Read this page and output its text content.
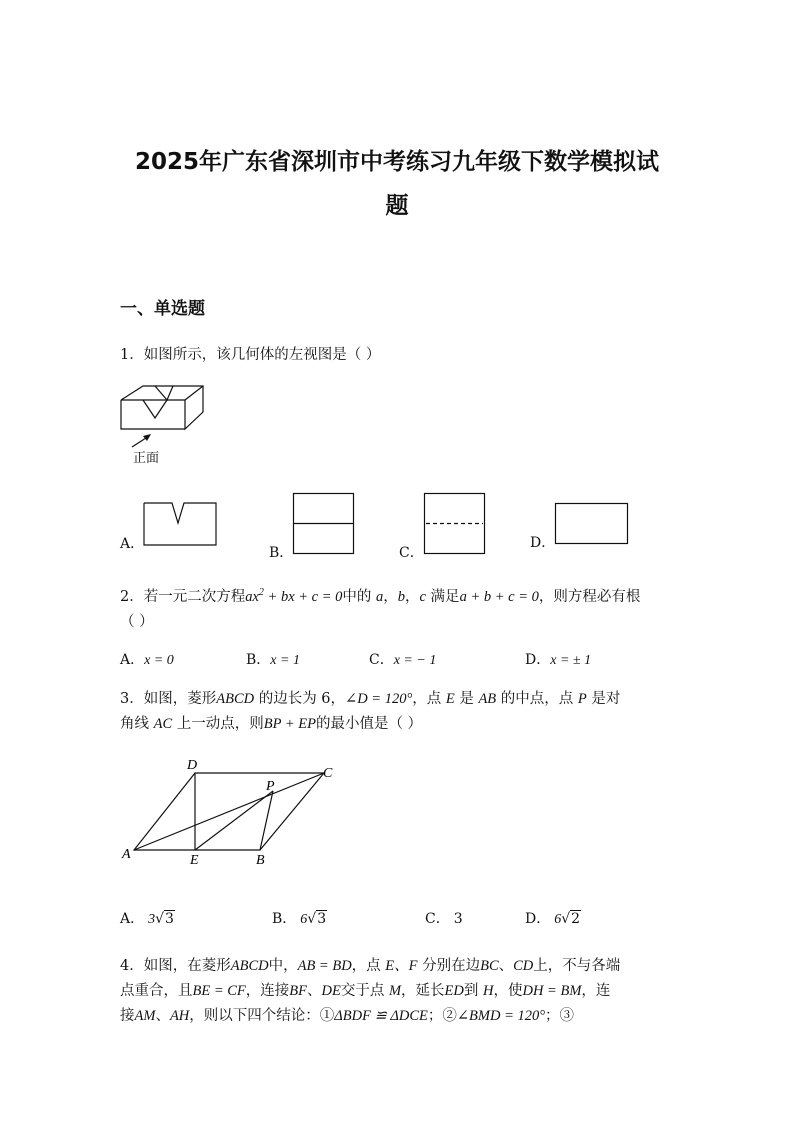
2025年广东省深圳市中考练习九年级下数学模拟试
题
一、单选题
1．如图所示，该几何体的左视图是（ ）
正面
A．
B．	C．
D．
2．若一元二次方程$ax^2$ + bx + c = 0中的 a，b，c 满足a + b + c = 0，则方程必有根
（ ）
A．x = 0	B．x = 1	C．x = − 1	D．x = ± 1
3．如图，菱形ABCD 的边长为 6，∠D = 120°，点 E 是 AB 的中点，点 P 是对
角线 AC 上一动点，则BP + EP的最小值是（ ）
A	E	B
D
C
P
A． 3√3	B． 6√3	C． 3	D． 6√2
4．如图，在菱形ABCD中，AB = BD，点 E、F 分别在边BC、CD上，不与各端
点重合，且BE = CF，连接BF、DE交于点 M，延长ED到 H，使DH = BM，连
接AM、AH，则以下四个结论：①ΔBDF ≌ ΔDCE；②∠BMD = 120°；③
